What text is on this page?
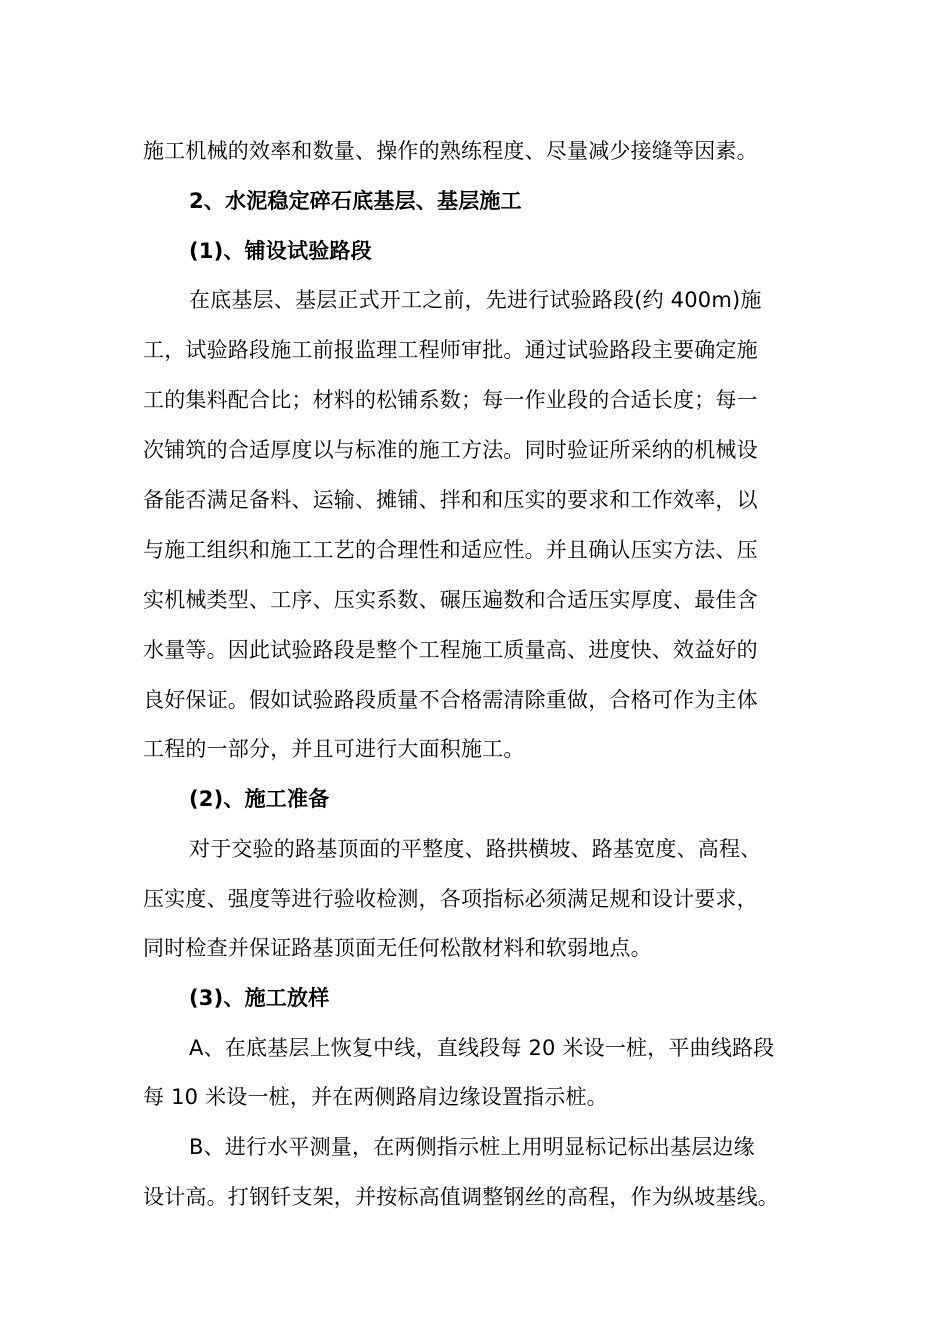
施工机械的效率和数量、操作的熟练程度、尽量减少接缝等因素。
2、水泥稳定碎石底基层、基层施工
(1)、铺设试验路段
在底基层、基层正式开工之前，先进行试验路段(约 400m)施
工，试验路段施工前报监理工程师审批。通过试验路段主要确定施
工的集料配合比；材料的松铺系数；每一作业段的合适长度；每一
次铺筑的合适厚度以与标准的施工方法。同时验证所采纳的机械设
备能否满足备料、运输、摊铺、拌和和压实的要求和工作效率，以
与施工组织和施工工艺的合理性和适应性。并且确认压实方法、压
实机械类型、工序、压实系数、碾压遍数和合适压实厚度、最佳含
水量等。因此试验路段是整个工程施工质量高、进度快、效益好的
良好保证。假如试验路段质量不合格需清除重做，合格可作为主体
工程的一部分，并且可进行大面积施工。
(2)、施工准备
对于交验的路基顶面的平整度、路拱横坡、路基宽度、高程、
压实度、强度等进行验收检测，各项指标必须满足规和设计要求，
同时检查并保证路基顶面无任何松散材料和软弱地点。
(3)、施工放样
A、在底基层上恢复中线，直线段每 20 米设一桩，平曲线路段
每 10 米设一桩，并在两侧路肩边缘设置指示桩。
B、进行水平测量，在两侧指示桩上用明显标记标出基层边缘
设计高。打钢钎支架，并按标高值调整钢丝的高程，作为纵坡基线。
